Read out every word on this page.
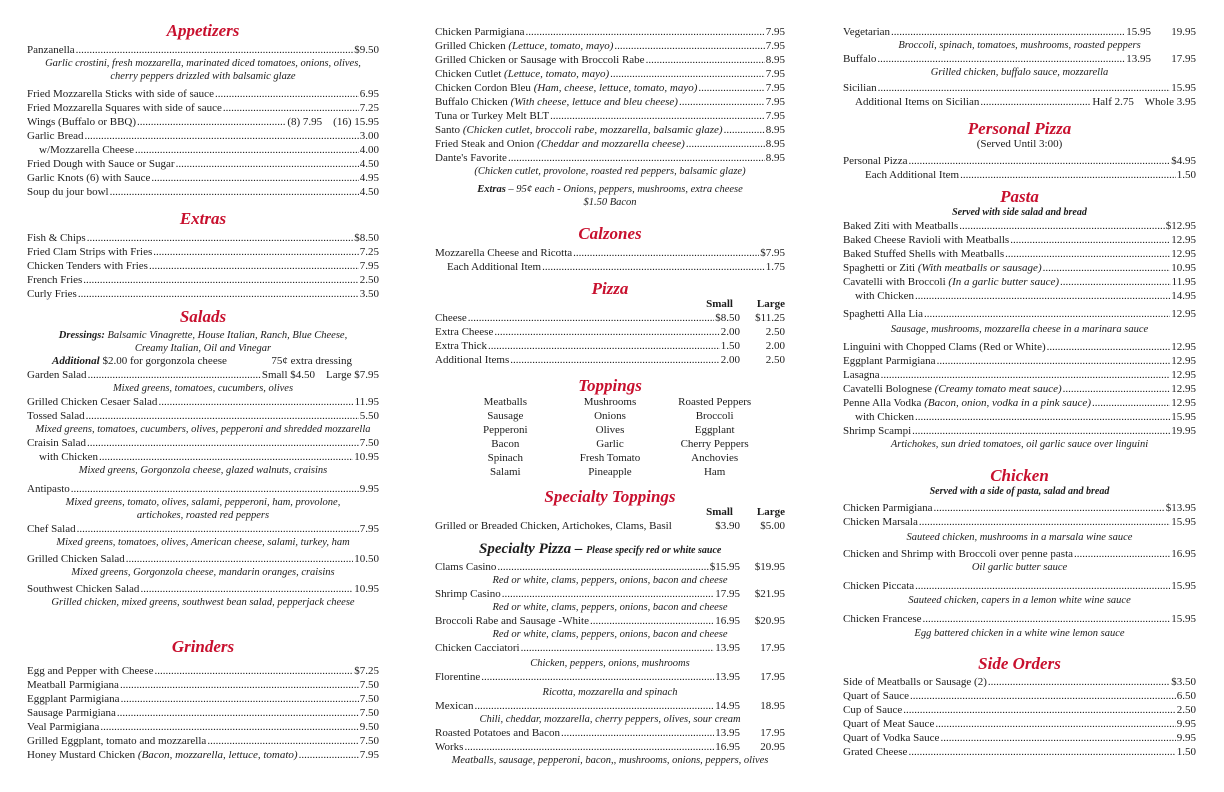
Appetizers
Panzanella .....	$9.50
Garlic crostini, fresh mozzarella, marinated diced tomatoes, onions, olives, cherry peppers drizzled with balsamic glaze
Fried Mozzarella Sticks with side of sauce .....	6.95
Fried Mozzarella Squares with side of sauce .....	7.25
Wings (Buffalo or BBQ) .....	(8) 7.95    (16) 15.95
Garlic Bread .....	3.00
w/Mozzarella Cheese .....	4.00
Fried Dough with Sauce or Sugar .....	4.50
Garlic Knots (6) with Sauce .....	4.95
Soup du jour bowl .....	4.50
Extras
Fish & Chips .....	$8.50
Fried Clam Strips with Fries .....	7.25
Chicken Tenders with Fries .....	7.95
French Fries .....	2.50
Curly Fries .....	3.50
Salads
Dressings: Balsamic Vinagrette, House Italian, Ranch, Blue Cheese, Creamy Italian, Oil and Vinegar
Additional $2.00 for gorgonzola cheese	75¢ extra dressing
Garden Salad .....	Small $4.50    Large $7.95
Mixed greens, tomatoes, cucumbers, olives
Grilled Chicken Cesaer Salad .....	11.95
Tossed Salad .....	5.50
Mixed greens, tomatoes, cucumbers, olives, pepperoni and shredded mozzarella
Craisin Salad .....	7.50
with Chicken .....	10.95
Mixed greens, Gorgonzola cheese, glazed walnuts, craisins
Antipasto .....	9.95
Mixed greens, tomato, olives, salami, pepperoni, ham, provolone, artichokes, roasted red peppers
Chef Salad .....	7.95
Mixed greens, tomatoes, olives, American cheese, salami, turkey, ham
Grilled Chicken Salad .....	10.50
Mixed greens, Gorgonzola cheese, mandarin oranges, craisins
Southwest Chicken Salad .....	10.95
Grilled chicken, mixed greens, southwest bean salad, pepperjack cheese
Grinders
Egg and Pepper with Cheese .....	$7.25
Meatball Parmigiana .....	7.50
Eggplant Parmigiana .....	7.50
Sausage Parmigiana .....	7.50
Veal Parmigiana .....	9.50
Grilled Eggplant, tomato and mozzarella .....	7.50
Honey Mustard Chicken (Bacon, mozzarella, lettuce, tomato) .....	7.95
Chicken Parmigiana .....	7.95
Grilled Chicken (Lettuce, tomato, mayo) .....	7.95
Grilled Chicken or Sausage with Broccoli Rabe .....	8.95
Chicken Cutlet (Lettuce, tomato, mayo) .....	7.95
Chicken Cordon Bleu (Ham, cheese, lettuce, tomato, mayo) .....	7.95
Buffalo Chicken (With cheese, lettuce and bleu cheese) .....	7.95
Tuna or Turkey Melt BLT .....	7.95
Santo (Chicken cutlet, broccoli rabe, mozzarella, balsamic glaze) .....	8.95
Fried Steak and Onion (Cheddar and mozzarella cheese) .....	8.95
Dante's Favorite .....	8.95
(Chicken cutlet, provolone, roasted red peppers, balsamic glaze)
Extras – 95¢ each - Onions, peppers, mushrooms, extra cheese
$1.50 Bacon
Calzones
Mozzarella Cheese and Ricotta .....	$7.95
Each Additional Item .....	1.75
Pizza
Small	Large
Cheese .....	$8.50	$11.25
Extra Cheese .....	2.00	2.50
Extra Thick .....	1.50	2.00
Additional Items .....	2.00	2.50
Toppings
Meatballs	Mushrooms	Roasted Peppers
Sausage	Onions	Broccoli
Pepperoni	Olives	Eggplant
Bacon	Garlic	Cherry Peppers
Spinach	Fresh Tomato	Anchovies
Salami	Pineapple	Ham
Specialty Toppings
Small	Large
Grilled or Breaded Chicken, Artichokes, Clams, Basil	$3.90	$5.00
Specialty Pizza – Please specify red or white sauce
Clams Casino .....	$15.95	$19.95
Red or white, clams, peppers, onions, bacon and cheese
Shrimp Casino .....	17.95	$21.95
Red or white, clams, peppers, onions, bacon and cheese
Broccoli Rabe and Sausage -White .....	16.95	$20.95
Red or white, clams, peppers, onions, bacon and cheese
Chicken Cacciatori .....	13.95	17.95
Chicken, peppers, onions, mushrooms
Florentine .....	13.95	17.95
Ricotta, mozzarella and spinach
Mexican .....	14.95	18.95
Chili, cheddar, mozzarella, cherry peppers, olives, sour cream
Roasted Potatoes and Bacon .....	13.95	17.95
Works .....	16.95	20.95
Meatballs, sausage, pepperoni, bacon,, mushrooms, onions, peppers, olives
Vegetarian .....	15.95	19.95
Broccoli, spinach, tomatoes, mushrooms, roasted peppers
Buffalo .....	13.95	17.95
Grilled chicken, buffalo sauce, mozzarella
Sicilian .....	15.95
Additional Items on Sicilian .....	Half 2.75    Whole 3.95
Personal Pizza
(Served Until 3:00)
Personal Pizza .....	$4.95
Each Additional Item .....	1.50
Pasta
Served with side salad and bread
Baked Ziti with Meatballs .....	$12.95
Baked Cheese Ravioli with Meatballs .....	12.95
Baked Stuffed Shells with Meatballs .....	12.95
Spaghetti or Ziti (With meatballs or sausage) .....	10.95
Cavatelli with Broccoli (In a garlic butter sauce) .....	11.95
with Chicken .....	14.95
Spaghetti Alla Lia .....	12.95
Sausage, mushrooms, mozzarella cheese in a marinara sauce
Linguini with Chopped Clams (Red or White) .....	12.95
Eggplant Parmigiana .....	12.95
Lasagna .....	12.95
Cavatelli Bolognese (Creamy tomato meat sauce) .....	12.95
Penne Alla Vodka (Bacon, onion, vodka in a pink sauce) .....	12.95
with Chicken .....	15.95
Shrimp Scampi .....	19.95
Artichokes, sun dried tomatoes, oil garlic sauce over linguini
Chicken
Served with a side of pasta, salad and bread
Chicken Parmigiana .....	$13.95
Chicken Marsala .....	15.95
Sauteed chicken, mushrooms in a marsala wine sauce
Chicken and Shrimp with Broccoli over penne pasta .....	16.95
Oil garlic butter sauce
Chicken Piccata .....	15.95
Sauteed chicken, capers in a lemon white wine sauce
Chicken Francese .....	15.95
Egg battered chicken in a white wine lemon sauce
Side Orders
Side of Meatballs or Sausage (2) .....	$3.50
Quart of Sauce .....	6.50
Cup of Sauce .....	2.50
Quart of Meat Sauce .....	9.95
Quart of Vodka Sauce .....	9.95
Grated Cheese .....	1.50
